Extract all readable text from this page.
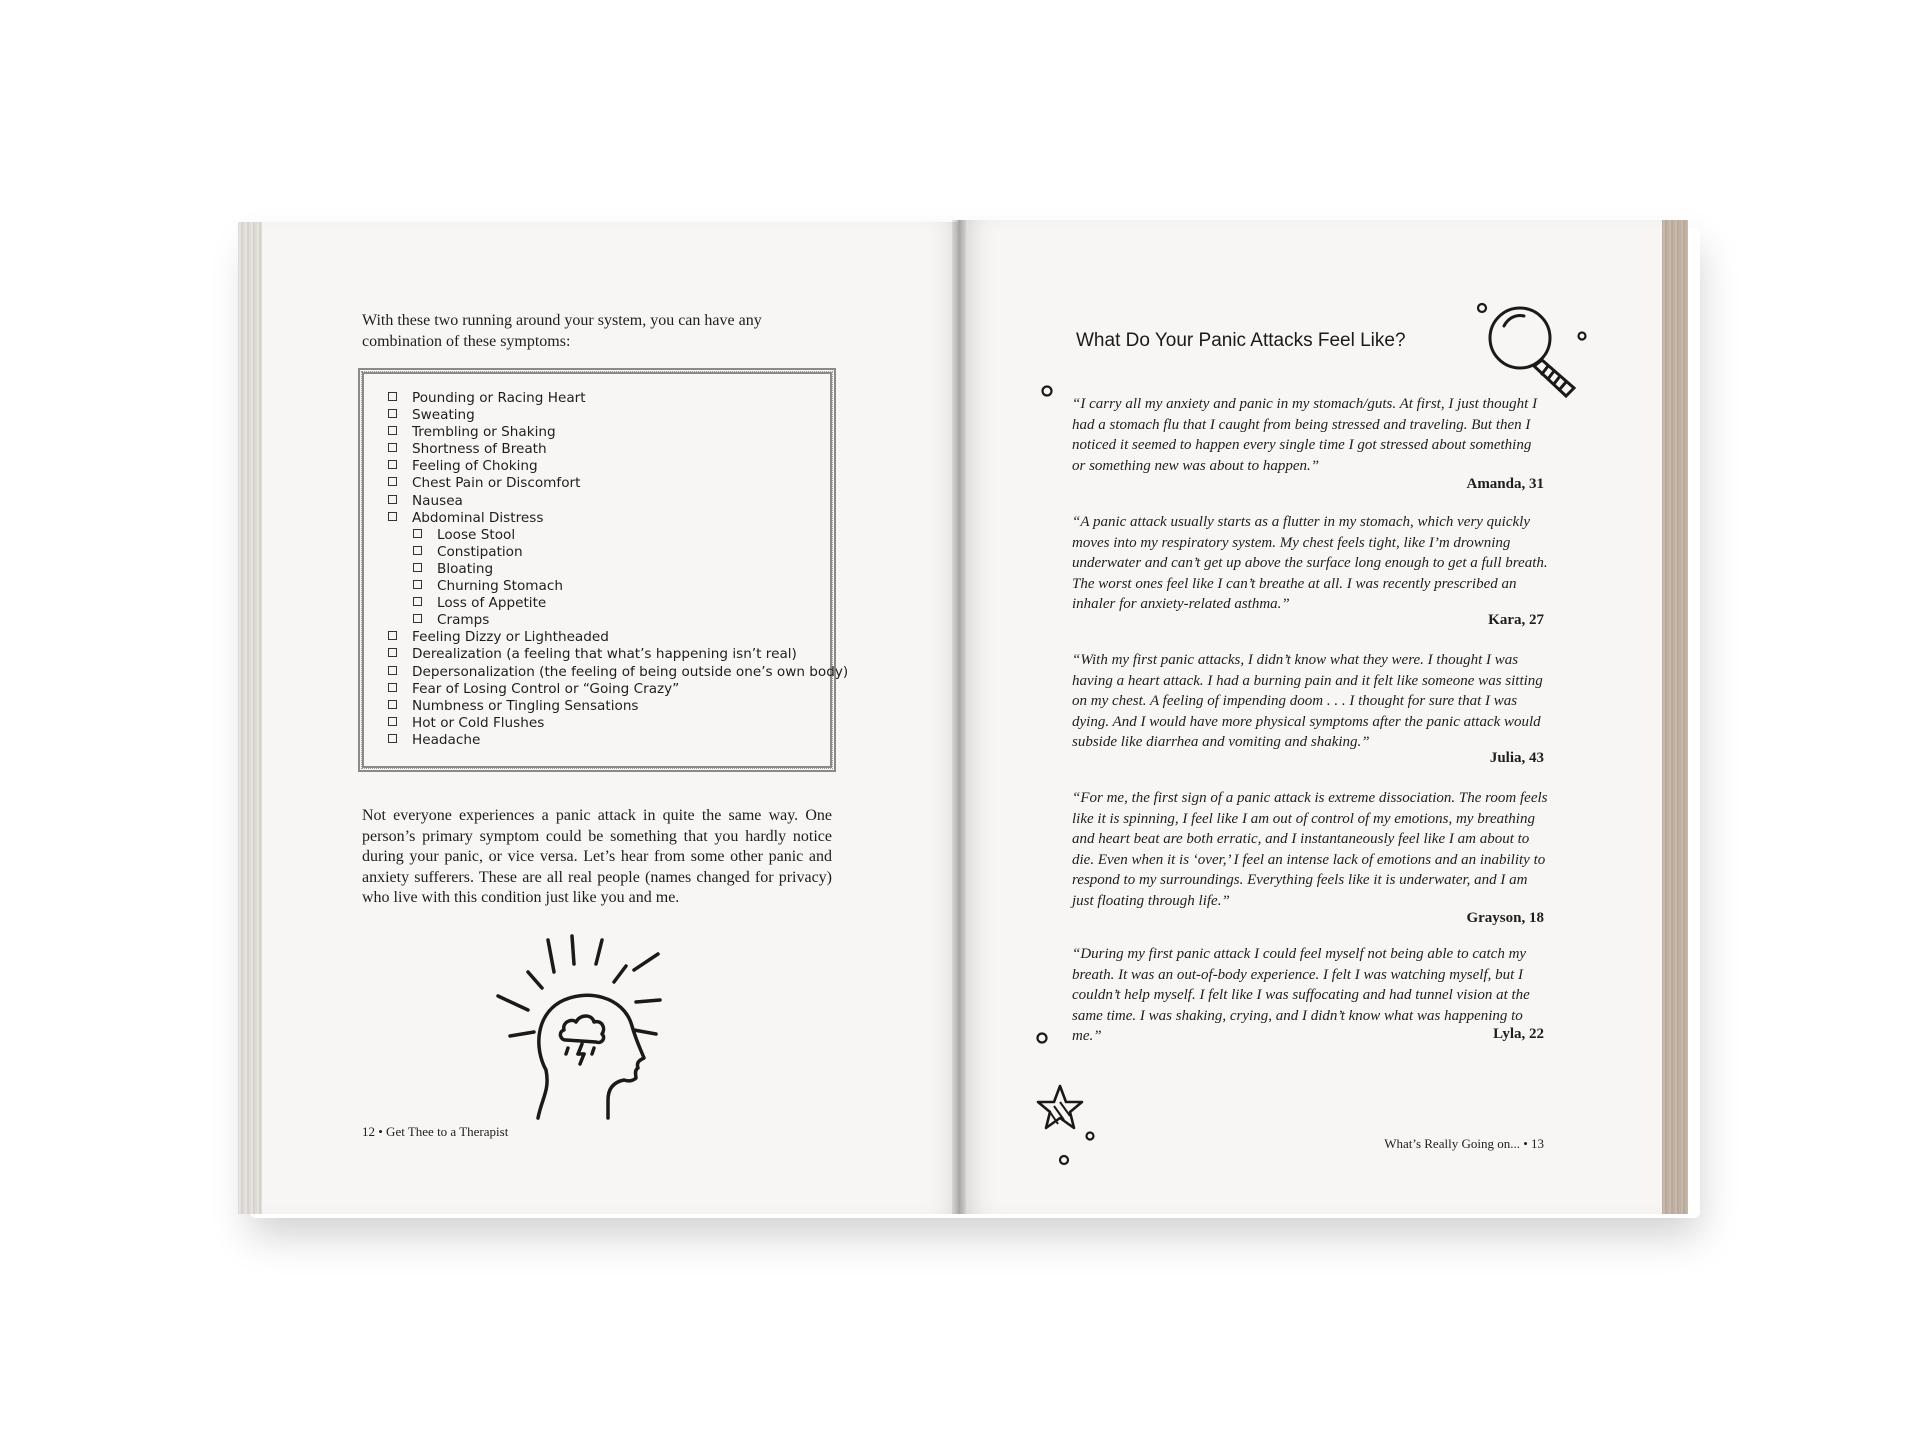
With these two running around your system, you can have any combination of these symptoms:
Pounding or Racing Heart
Sweating
Trembling or Shaking
Shortness of Breath
Feeling of Choking
Chest Pain or Discomfort
Nausea
Abdominal Distress
Loose Stool
Constipation
Bloating
Churning Stomach
Loss of Appetite
Cramps
Feeling Dizzy or Lightheaded
Derealization (a feeling that what’s happening isn’t real)
Depersonalization (the feeling of being outside one’s own body)
Fear of Losing Control or “Going Crazy”
Numbness or Tingling Sensations
Hot or Cold Flushes
Headache
Not everyone experiences a panic attack in quite the same way. One person’s primary symptom could be something that you hardly notice during your panic, or vice versa. Let’s hear from some other panic and anxiety sufferers. These are all real people (names changed for privacy) who live with this condition just like you and me.
12 • Get Thee to a Therapist
What Do Your Panic Attacks Feel Like?
“I carry all my anxiety and panic in my stomach/guts. At first, I just thought I had a stomach flu that I caught from being stressed and traveling. But then I noticed it seemed to happen every single time I got stressed about something or something new was about to happen.”
Amanda, 31
“A panic attack usually starts as a flutter in my stomach, which very quickly moves into my respiratory system. My chest feels tight, like I’m drowning underwater and can’t get up above the surface long enough to get a full breath. The worst ones feel like I can’t breathe at all. I was recently prescribed an inhaler for anxiety-related asthma.”
Kara, 27
“With my first panic attacks, I didn’t know what they were. I thought I was having a heart attack. I had a burning pain and it felt like someone was sitting on my chest. A feeling of impending doom . . . I thought for sure that I was dying. And I would have more physical symptoms after the panic attack would subside like diarrhea and vomiting and shaking.”
Julia, 43
“For me, the first sign of a panic attack is extreme dissociation. The room feels like it is spinning, I feel like I am out of control of my emotions, my breathing and heart beat are both erratic, and I instantaneously feel like I am about to die. Even when it is ‘over,’ I feel an intense lack of emotions and an inability to respond to my surroundings. Everything feels like it is underwater, and I am just floating through life.”
Grayson, 18
“During my first panic attack I could feel myself not being able to catch my breath. It was an out-of-body experience. I felt I was watching myself, but I couldn’t help myself. I felt like I was suffocating and had tunnel vision at the same time. I was shaking, crying, and I didn’t know what was happening to me.”	Lyla, 22
What’s Really Going on... • 13
